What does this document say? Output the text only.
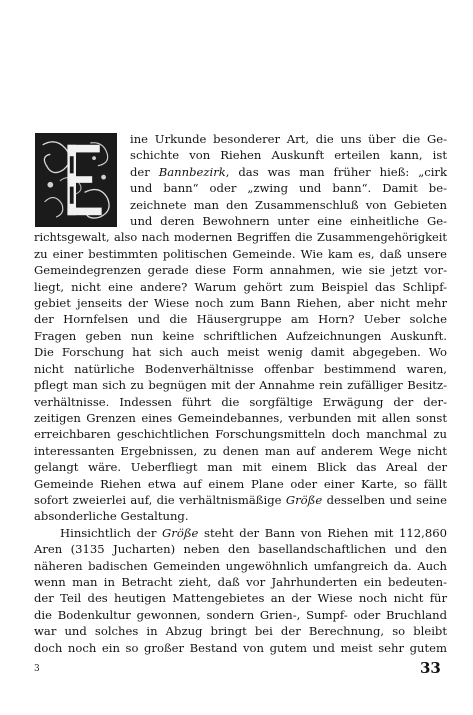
ine Urkunde besonderer Art, die uns über die Ge-
schichte von Riehen Auskunft erteilen kann, ist
der Bannbezirk, das was man früher hieß: „cirk
und bann“ oder „zwing und bann“. Damit be-
zeichnete man den Zusammenschluß von Gebieten
und deren Bewohnern unter eine einheitliche Ge-
richtsgewalt, also nach modernen Begriffen die Zusammengehörigkeit
zu einer bestimmten politischen Gemeinde. Wie kam es, daß unsere
Gemeindegrenzen gerade diese Form annahmen, wie sie jetzt vor-
liegt, nicht eine andere? Warum gehört zum Beispiel das Schlipf-
gebiet jenseits der Wiese noch zum Bann Riehen, aber nicht mehr
der Hornfelsen und die Häusergruppe am Horn? Ueber solche
Fragen geben nun keine schriftlichen Aufzeichnungen Auskunft.
Die Forschung hat sich auch meist wenig damit abgegeben. Wo
nicht natürliche Bodenverhältnisse offenbar bestimmend waren,
pflegt man sich zu begnügen mit der Annahme rein zufälliger Besitz-
verhältnisse. Indessen führt die sorgfältige Erwägung der der-
zeitigen Grenzen eines Gemeindebannes, verbunden mit allen sonst
erreichbaren geschichtlichen Forschungsmitteln doch manchmal zu
interessanten Ergebnissen, zu denen man auf anderem Wege nicht
gelangt wäre. Ueberfliegt man mit einem Blick das Areal der
Gemeinde Riehen etwa auf einem Plane oder einer Karte, so fällt
sofort zweierlei auf, die verhältnismäßige Größe desselben und seine
absonderliche Gestaltung.
Hinsichtlich der Größe steht der Bann von Riehen mit 112,860
Aren (3135 Jucharten) neben den basellandschaftlichen und den
näheren badischen Gemeinden ungewöhnlich umfangreich da. Auch
wenn man in Betracht zieht, daß vor Jahrhunderten ein bedeuten-
der Teil des heutigen Mattengebietes an der Wiese noch nicht für
die Bodenkultur gewonnen, sondern Grien-, Sumpf- oder Bruchland
war und solches in Abzug bringt bei der Berechnung, so bleibt
doch noch ein so großer Bestand von gutem und meist sehr gutem
3	33
